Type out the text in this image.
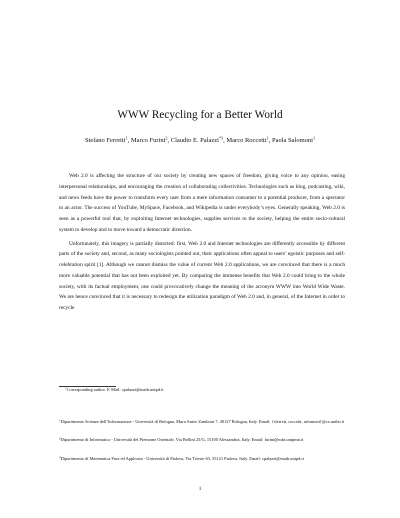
WWW Recycling for a Better World
Stefano Ferretti$^1$, Marco Furini$^2$, Claudio E. Palazzi$^{*3}$, Marco Roccetti$^1$, Paola Salomoni$^1$

Web 2.0 is affecting the structure of our society by creating new spaces of freedom, giving voice to any opinion, easing interpersonal relationships, and encouraging the creation of collaborating collectivities. Technologies such as blog, podcasting, wiki, and news feeds have the power to transform every user from a mere information consumer to a potential producer, from a spectator to an actor. The success of YouTube, MySpace, Facebook, and Wikipedia is under everybody’s eyes. Generally speaking, Web 2.0 is seen as a powerful tool that, by exploiting Internet technologies, supplies services to the society, helping the entire socio-cultural system to develop and to move toward a democratic direction.

Unfortunately, this imagery is partially distorted: first, Web 2.0 and Internet technologies are differently accessible by different parts of the society and, second, as many sociologists pointed out, their applications often appeal to users’ egoistic purposes and self-celebration spirit [1]. Although we cannot dismiss the value of current Web 2.0 applications, we are convinced that there is a much more valuable potential that has not been exploited yet. By comparing the immense benefits that Web 2.0 could bring to the whole society, with its factual employment, one could provocatively change the meaning of the acronym WWW into World Wide Waste. We are hence convinced that it is necessary to redesign the utilization paradigm of Web 2.0 and, in general, of the Internet in order to recycle

*Corresponding author. E-Mail: cpalazzi@math.unipd.it
$^1$Dipartimento Scienze dell’Informazione - Università di Bologna, Mura Anteo Zamboni 7, 40127 Bologna, Italy. Email: {sferrett, roccetti, salomoni}@cs.unibo.it
$^2$Dipartimento di Informatica - Università del Piemonte Orientale, Via Bellini 25/G, 15100 Alessandria, Italy. Email: furini@mfn.unipmn.it
$^3$Dipartimento di Matematica Pura ed Applicata - Università di Padova, Via Trieste 63, 35121 Padova, Italy. Email: cpalazzi@math.unipd.it
1
